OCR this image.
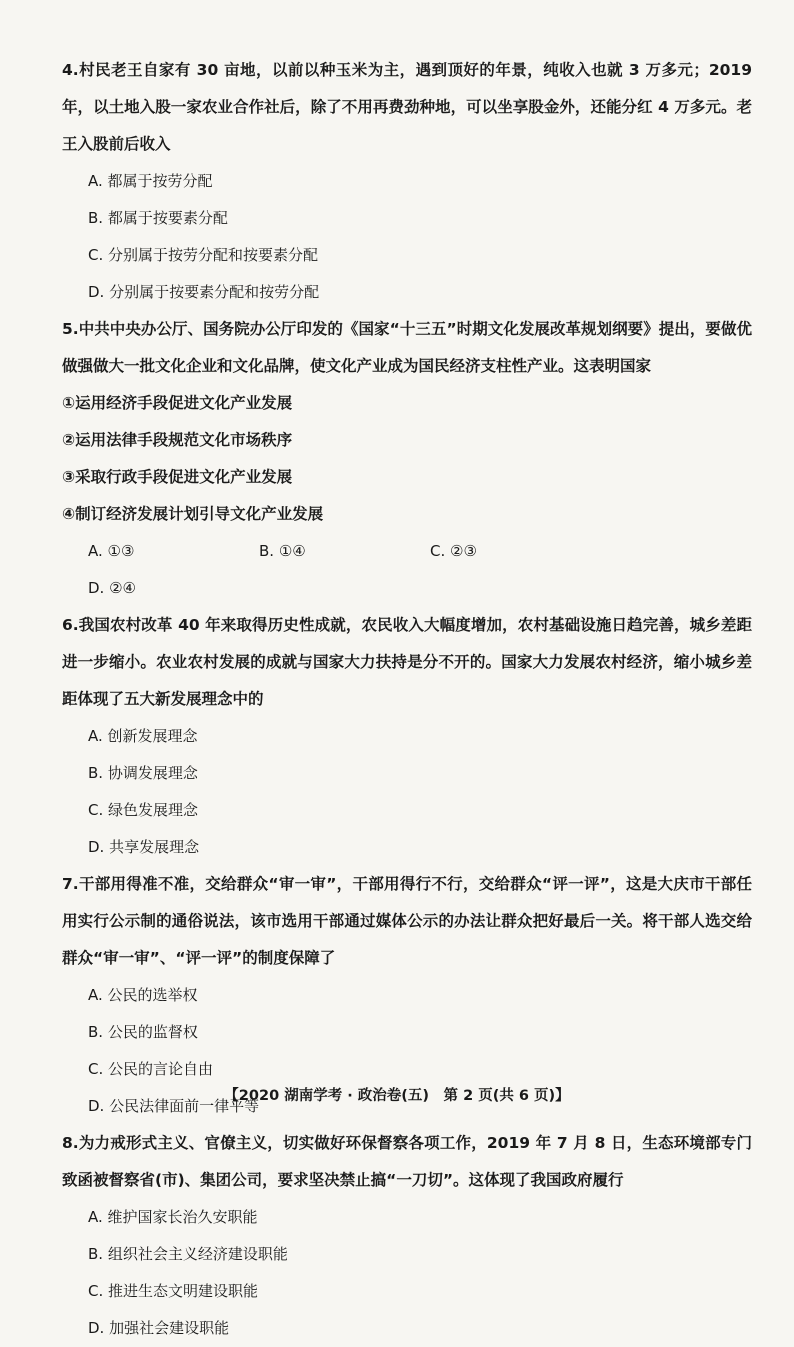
4.村民老王自家有 30 亩地，以前以种玉米为主，遇到顶好的年景，纯收入也就 3 万多元；2019 年，以土地入股一家农业合作社后，除了不用再费劲种地，可以坐享股金外，还能分红 4 万多元。老王入股前后收入

A. 都属于按劳分配
B. 都属于按要素分配
C. 分别属于按劳分配和按要素分配
D. 分别属于按要素分配和按劳分配

5.中共中央办公厅、国务院办公厅印发的《国家“十三五”时期文化发展改革规划纲要》提出，要做优做强做大一批文化企业和文化品牌，使文化产业成为国民经济支柱性产业。这表明国家

①运用经济手段促进文化产业发展

②运用法律手段规范文化市场秩序

③采取行政手段促进文化产业发展

④制订经济发展计划引导文化产业发展

A. ①③	B. ①④	C. ②③
D. ②④

6.我国农村改革 40 年来取得历史性成就，农民收入大幅度增加，农村基础设施日趋完善，城乡差距进一步缩小。农业农村发展的成就与国家大力扶持是分不开的。国家大力发展农村经济，缩小城乡差距体现了五大新发展理念中的

A. 创新发展理念
B. 协调发展理念
C. 绿色发展理念
D. 共享发展理念

7.干部用得准不准，交给群众“审一审”，干部用得行不行，交给群众“评一评”，这是大庆市干部任用实行公示制的通俗说法，该市选用干部通过媒体公示的办法让群众把好最后一关。将干部人选交给群众“审一审”、“评一评”的制度保障了

A. 公民的选举权
B. 公民的监督权
C. 公民的言论自由
D. 公民法律面前一律平等

8.为力戒形式主义、官僚主义，切实做好环保督察各项工作，2019 年 7 月 8 日，生态环境部专门致函被督察省(市)、集团公司，要求坚决禁止搞“一刀切”。这体现了我国政府履行

A. 维护国家长治久安职能
B. 组织社会主义经济建设职能
C. 推进生态文明建设职能
D. 加强社会建设职能
【2020 湖南学考 · 政治卷(五)　第 2 页(共 6 页)】
